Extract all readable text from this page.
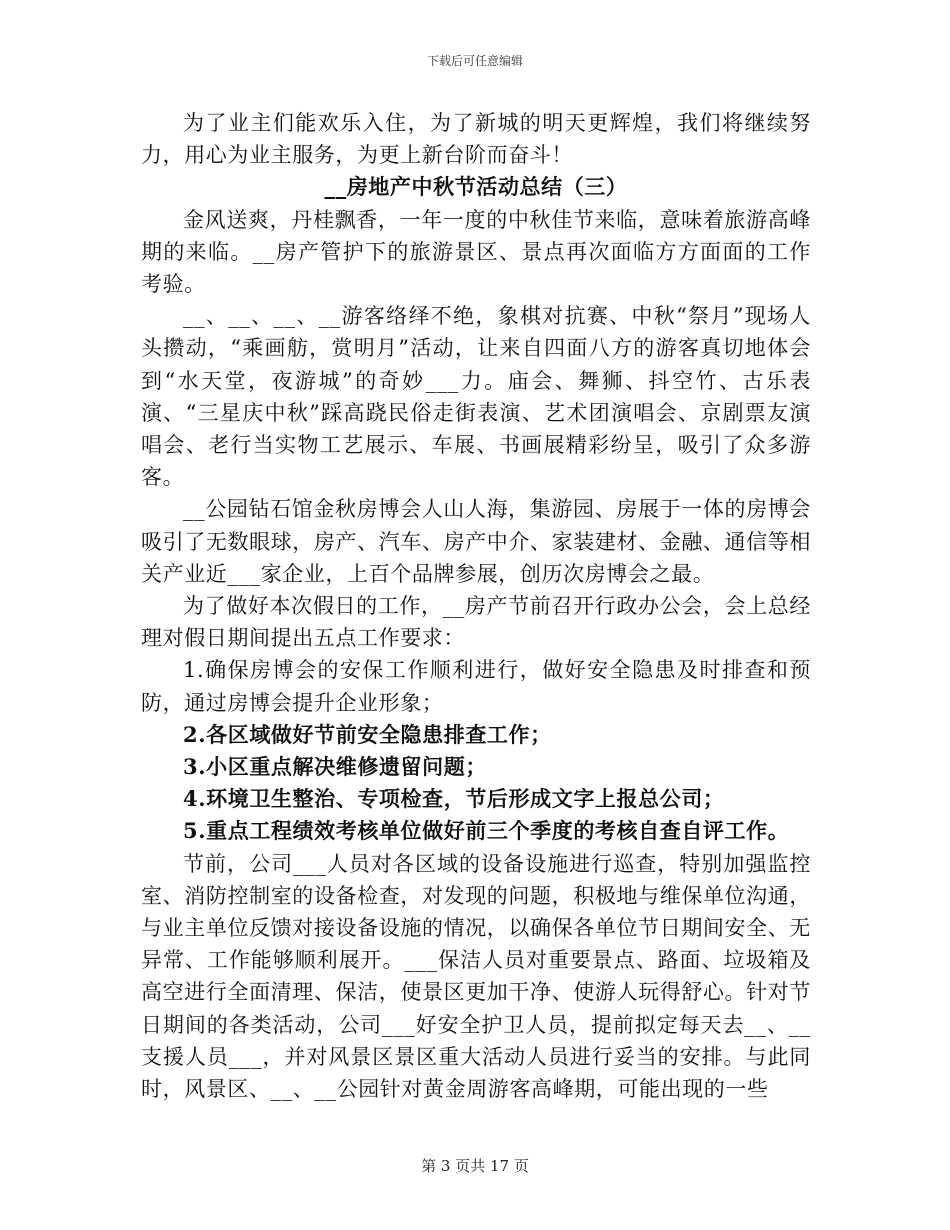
下载后可任意编辑

为了业主们能欢乐入住，为了新城的明天更辉煌，我们将继续努力，用心为业主服务，为更上新台阶而奋斗！

__房地产中秋节活动总结（三）

金风送爽，丹桂飘香，一年一度的中秋佳节来临，意味着旅游高峰期的来临。__房产管护下的旅游景区、景点再次面临方方面面的工作考验。

__、__、__、__游客络绎不绝，象棋对抗赛、中秋“祭月”现场人头攒动，“乘画舫，赏明月”活动，让来自四面八方的游客真切地体会到“水天堂，夜游城”的奇妙___力。庙会、舞狮、抖空竹、古乐表演、“三星庆中秋”踩高跷民俗走街表演、艺术团演唱会、京剧票友演唱会、老行当实物工艺展示、车展、书画展精彩纷呈，吸引了众多游客。

__公园钻石馆金秋房博会人山人海，集游园、房展于一体的房博会吸引了无数眼球，房产、汽车、房产中介、家装建材、金融、通信等相关产业近___家企业，上百个品牌参展，创历次房博会之最。

为了做好本次假日的工作，__房产节前召开行政办公会，会上总经理对假日期间提出五点工作要求：

1.确保房博会的安保工作顺利进行，做好安全隐患及时排查和预防，通过房博会提升企业形象；

2.各区域做好节前安全隐患排查工作；

3.小区重点解决维修遗留问题；

4.环境卫生整治、专项检查，节后形成文字上报总公司；

5.重点工程绩效考核单位做好前三个季度的考核自查自评工作。

节前，公司___人员对各区域的设备设施进行巡查，特别加强监控室、消防控制室的设备检查，对发现的问题，积极地与维保单位沟通，与业主单位反馈对接设备设施的情况，以确保各单位节日期间安全、无异常、工作能够顺利展开。___保洁人员对重要景点、路面、垃圾箱及高空进行全面清理、保洁，使景区更加干净、使游人玩得舒心。针对节日期间的各类活动，公司___好安全护卫人员，提前拟定每天去__、__支援人员___，并对风景区景区重大活动人员进行妥当的安排。与此同时，风景区、__、__公园针对黄金周游客高峰期，可能出现的一些

第 3 页共 17 页
